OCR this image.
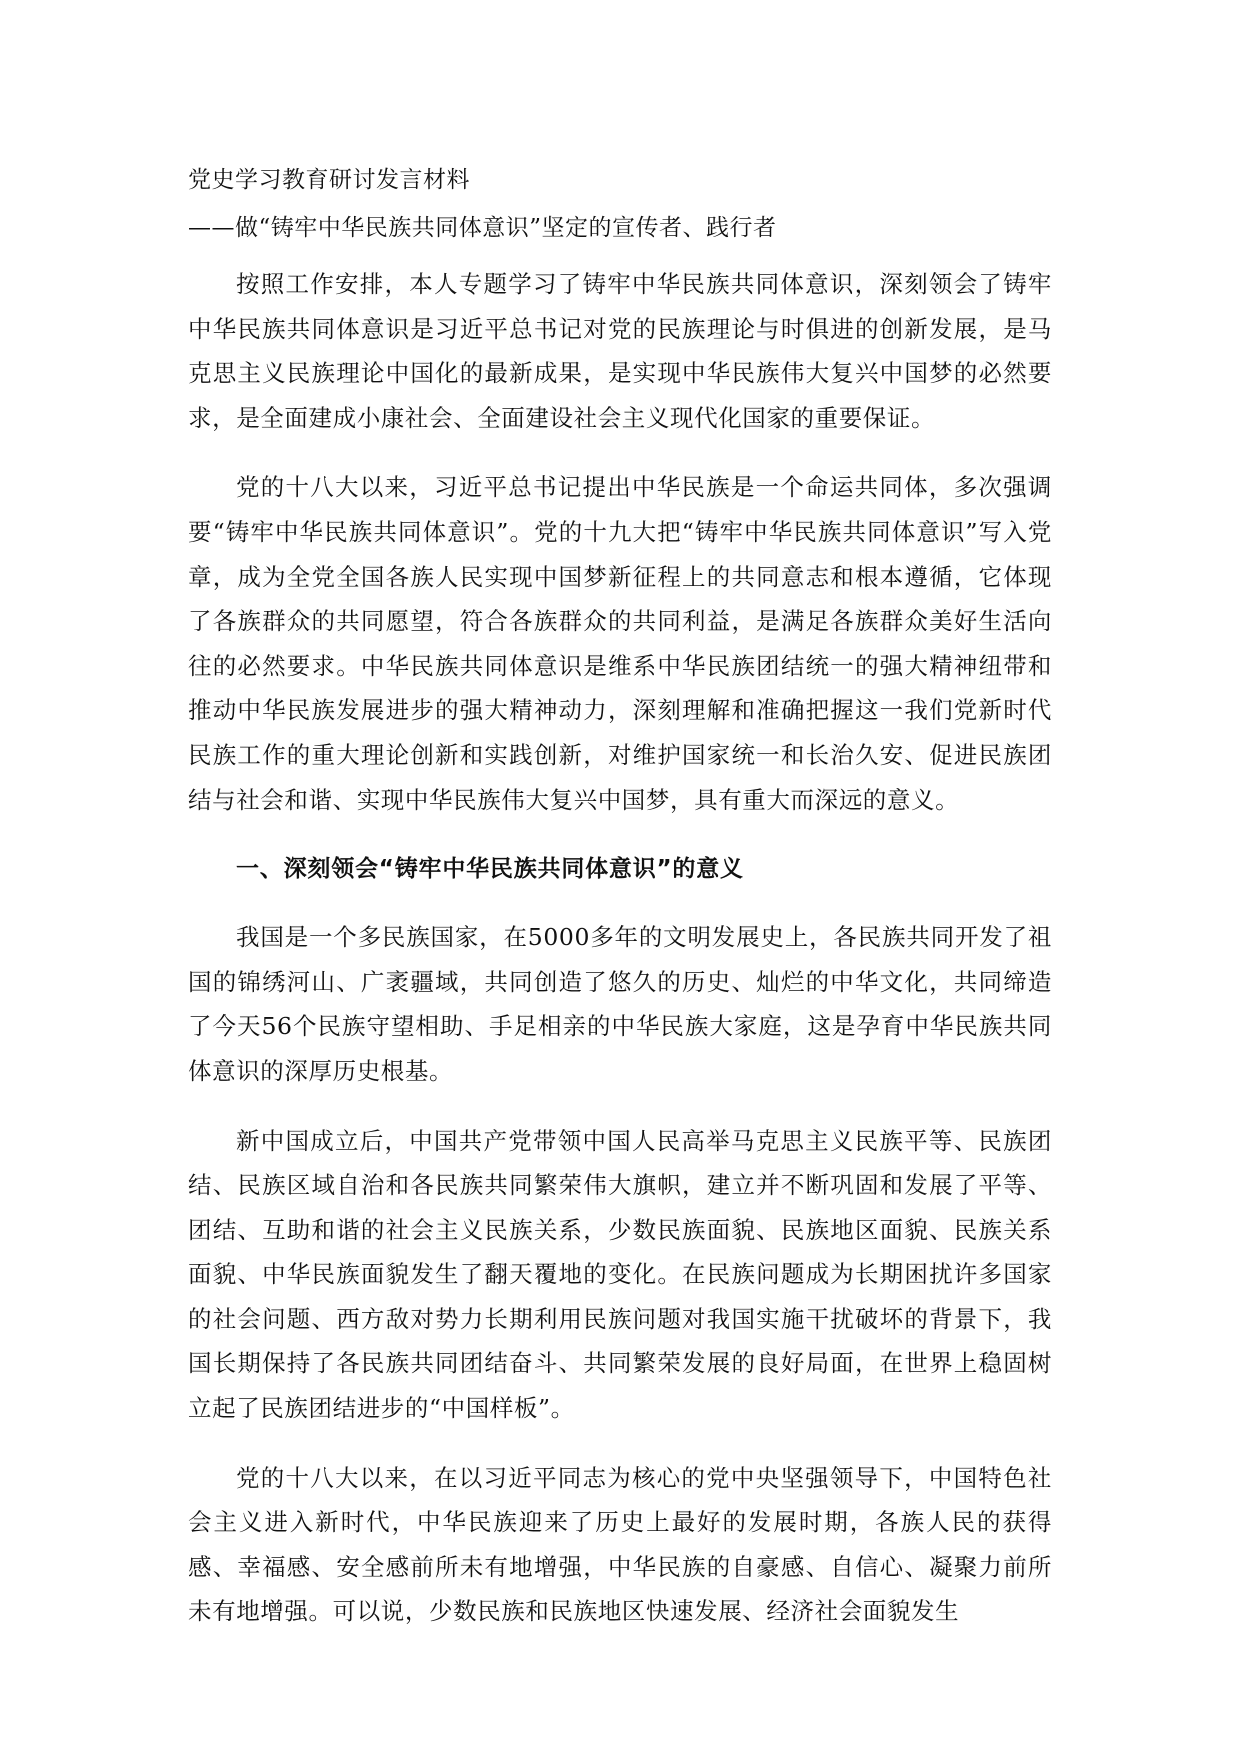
党史学习教育研讨发言材料
——做“铸牢中华民族共同体意识”坚定的宣传者、践行者

按照工作安排，本人专题学习了铸牢中华民族共同体意识，深刻领会了铸牢中华民族共同体意识是习近平总书记对党的民族理论与时俱进的创新发展，是马克思主义民族理论中国化的最新成果，是实现中华民族伟大复兴中国梦的必然要求，是全面建成小康社会、全面建设社会主义现代化国家的重要保证。

党的十八大以来，习近平总书记提出中华民族是一个命运共同体，多次强调要“铸牢中华民族共同体意识”。党的十九大把“铸牢中华民族共同体意识”写入党章，成为全党全国各族人民实现中国梦新征程上的共同意志和根本遵循，它体现了各族群众的共同愿望，符合各族群众的共同利益，是满足各族群众美好生活向往的必然要求。中华民族共同体意识是维系中华民族团结统一的强大精神纽带和推动中华民族发展进步的强大精神动力，深刻理解和准确把握这一我们党新时代民族工作的重大理论创新和实践创新，对维护国家统一和长治久安、促进民族团结与社会和谐、实现中华民族伟大复兴中国梦，具有重大而深远的意义。

一、深刻领会“铸牢中华民族共同体意识”的意义

我国是一个多民族国家，在5000多年的文明发展史上，各民族共同开发了祖国的锦绣河山、广袤疆域，共同创造了悠久的历史、灿烂的中华文化，共同缔造了今天56个民族守望相助、手足相亲的中华民族大家庭，这是孕育中华民族共同体意识的深厚历史根基。

新中国成立后，中国共产党带领中国人民高举马克思主义民族平等、民族团结、民族区域自治和各民族共同繁荣伟大旗帜，建立并不断巩固和发展了平等、团结、互助和谐的社会主义民族关系，少数民族面貌、民族地区面貌、民族关系面貌、中华民族面貌发生了翻天覆地的变化。在民族问题成为长期困扰许多国家的社会问题、西方敌对势力长期利用民族问题对我国实施干扰破坏的背景下，我国长期保持了各民族共同团结奋斗、共同繁荣发展的良好局面，在世界上稳固树立起了民族团结进步的“中国样板”。

党的十八大以来，在以习近平同志为核心的党中央坚强领导下，中国特色社会主义进入新时代，中华民族迎来了历史上最好的发展时期，各族人民的获得感、幸福感、安全感前所未有地增强，中华民族的自豪感、自信心、凝聚力前所未有地增强。可以说，少数民族和民族地区快速发展、经济社会面貌发生
